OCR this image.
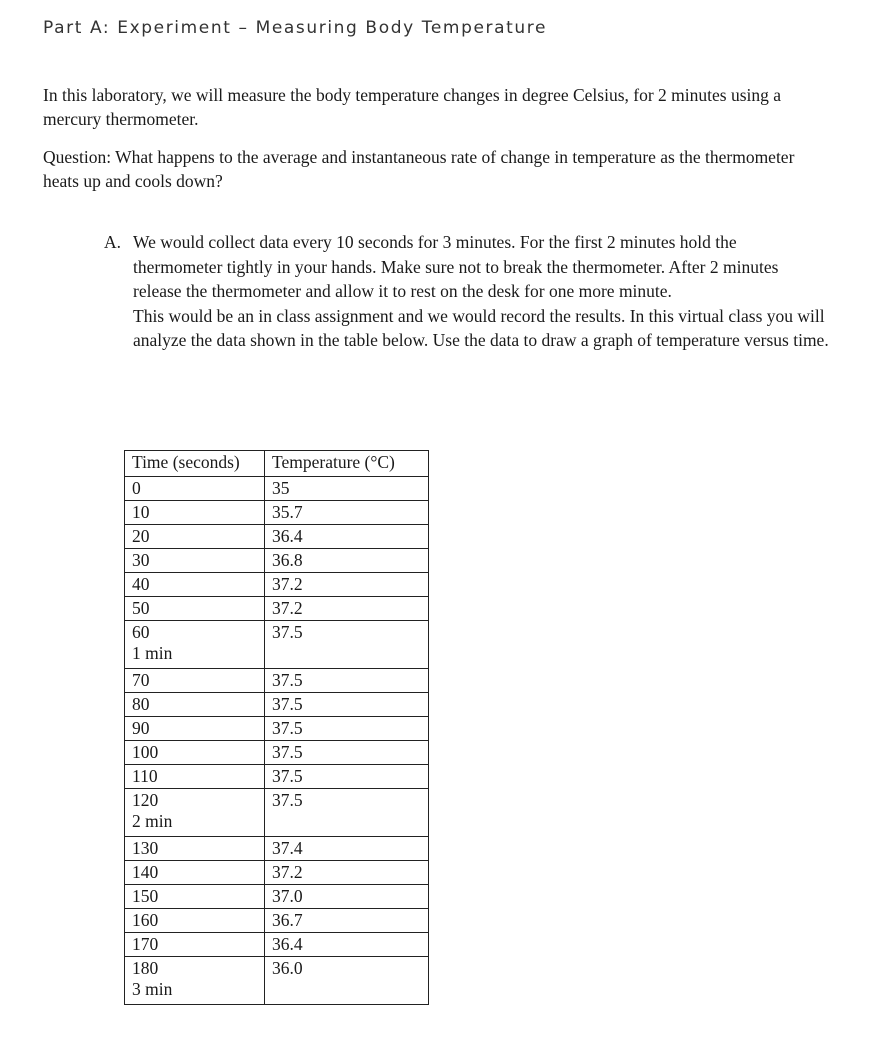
Part A: Experiment – Measuring Body Temperature

In this laboratory, we will measure the body temperature changes in degree Celsius, for 2 minutes using a mercury thermometer.

Question: What happens to the average and instantaneous rate of change in temperature as the thermometer heats up and cools down?

A. We would collect data every 10 seconds for 3 minutes. For the first 2 minutes hold the thermometer tightly in your hands. Make sure not to break the thermometer. After 2 minutes release the thermometer and allow it to rest on the desk for one more minute.

This would be an in class assignment and we would record the results. In this virtual class you will analyze the data shown in the table below. Use the data to draw a graph of temperature versus time.

Time (seconds)	Temperature (°C)

0	35

10	35.7

20	36.4

30	36.8

40	37.2

50	37.2

60
1 min	37.5

70	37.5

80	37.5

90	37.5

100	37.5

110	37.5

120
2 min	37.5

130	37.4

140	37.2

150	37.0

160	36.7

170	36.4

180
3 min	36.0
